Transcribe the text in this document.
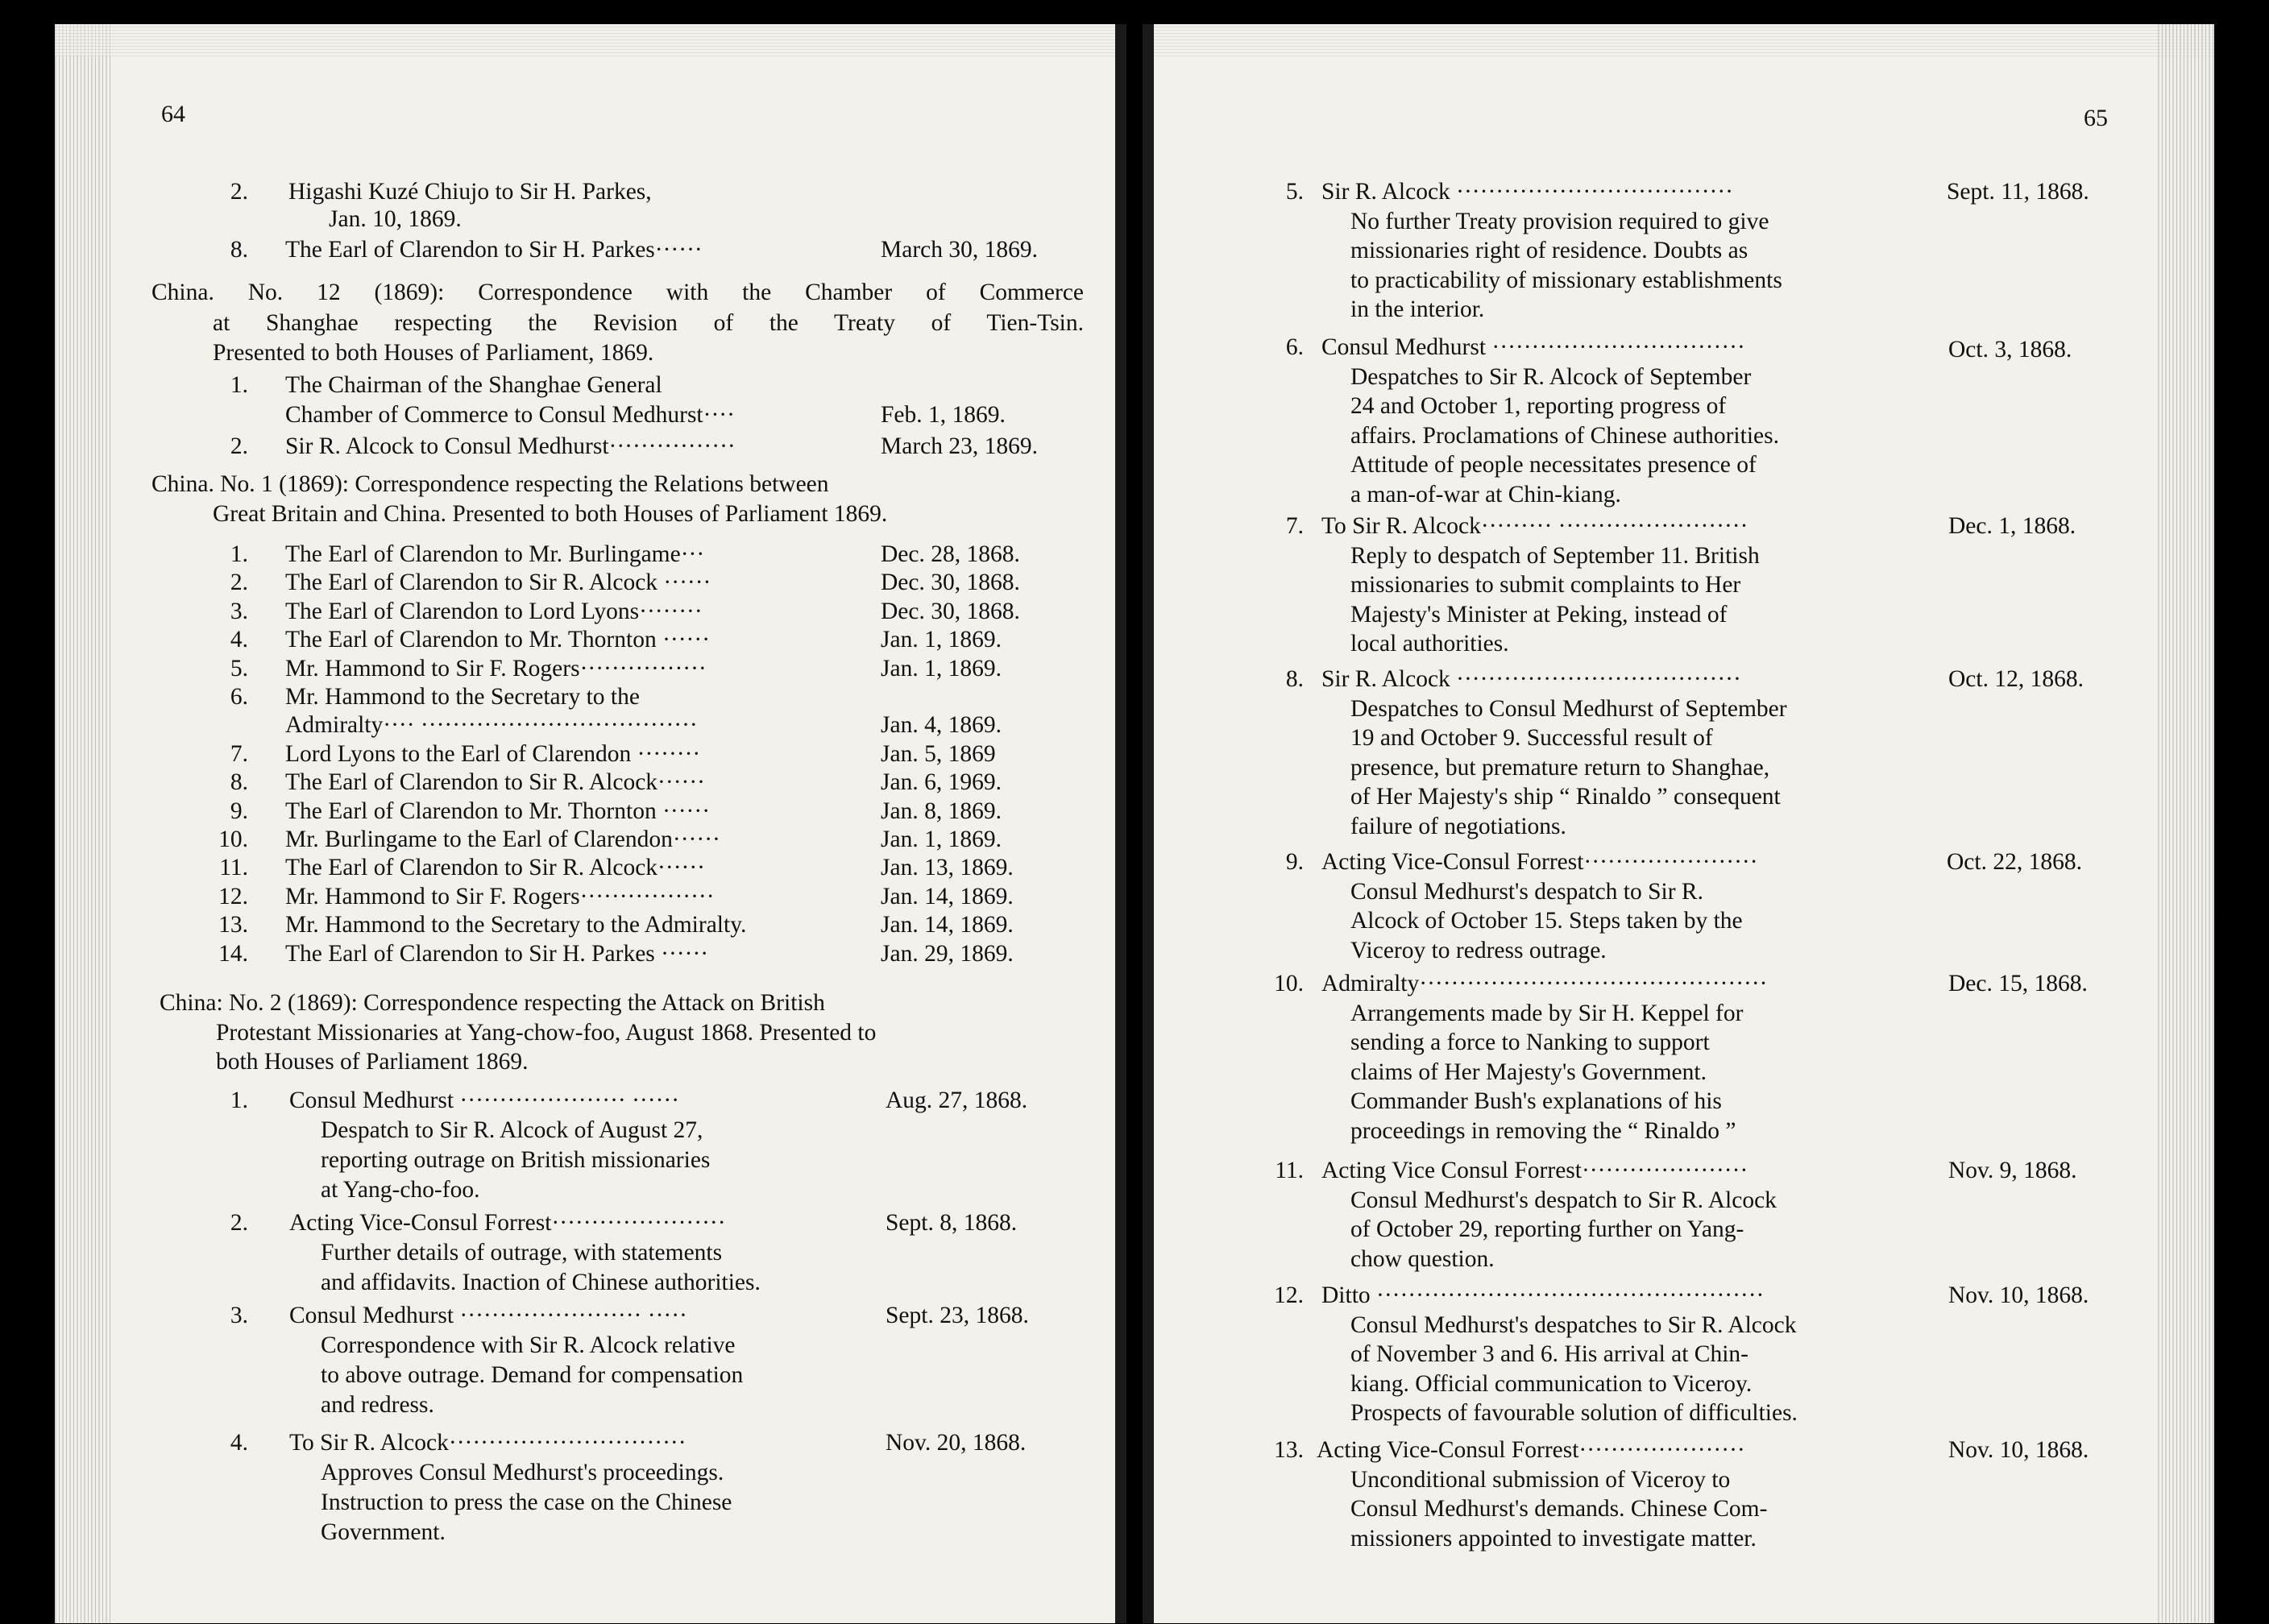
64
2. Higashi Kuzé Chiujo to Sir H. Parkes,
Jan. 10, 1869.
8. The Earl of Clarendon to Sir H. Parkes······	March 30, 1869.
China. No. 12 (1869): Correspondence with the Chamber of Commerce
at Shanghae respecting the Revision of the Treaty of Tien-Tsin.
Presented to both Houses of Parliament, 1869.
1. The Chairman of the Shanghae General
Chamber of Commerce to Consul Medhurst····	Feb. 1, 1869.
2. Sir R. Alcock to Consul Medhurst················	March 23, 1869.
China. No. 1 (1869): Correspondence respecting the Relations between
Great Britain and China. Presented to both Houses of Parliament 1869.
1. The Earl of Clarendon to Mr. Burlingame···	Dec. 28, 1868.
2. The Earl of Clarendon to Sir R. Alcock ······	Dec. 30, 1868.
3. The Earl of Clarendon to Lord Lyons········	Dec. 30, 1868.
4. The Earl of Clarendon to Mr. Thornton ······	Jan. 1, 1869.
5. Mr. Hammond to Sir F. Rogers················	Jan. 1, 1869.
6. Mr. Hammond to the Secretary to the
Admiralty···· ···································	Jan. 4, 1869.
7. Lord Lyons to the Earl of Clarendon ········	Jan. 5, 1869
8. The Earl of Clarendon to Sir R. Alcock······	Jan. 6, 1969.
9. The Earl of Clarendon to Mr. Thornton ······	Jan. 8, 1869.
10. Mr. Burlingame to the Earl of Clarendon······	Jan. 1, 1869.
11. The Earl of Clarendon to Sir R. Alcock······	Jan. 13, 1869.
12. Mr. Hammond to Sir F. Rogers·················	Jan. 14, 1869.
13. Mr. Hammond to the Secretary to the Admiralty.	Jan. 14, 1869.
14. The Earl of Clarendon to Sir H. Parkes ······	Jan. 29, 1869.
China: No. 2 (1869): Correspondence respecting the Attack on British
Protestant Missionaries at Yang-chow-foo, August 1868. Presented to
both Houses of Parliament 1869.
1. Consul Medhurst ····················· ······	Aug. 27, 1868.
Despatch to Sir R. Alcock of August 27,
reporting outrage on British missionaries
at Yang-cho-foo.
2. Acting Vice-Consul Forrest······················	Sept. 8, 1868.
Further details of outrage, with statements
and affidavits. Inaction of Chinese authorities.
3. Consul Medhurst ······················· ·····	Sept. 23, 1868.
Correspondence with Sir R. Alcock relative
to above outrage. Demand for compensation
and redress.
4. To Sir R. Alcock······························	Nov. 20, 1868.
Approves Consul Medhurst's proceedings.
Instruction to press the case on the Chinese
Government.
65
5. Sir R. Alcock ···································	Sept. 11, 1868.
No further Treaty provision required to give
missionaries right of residence. Doubts as
to practicability of missionary establishments
in the interior.
6. Consul Medhurst ································	Oct. 3, 1868.
Despatches to Sir R. Alcock of September
24 and October 1, reporting progress of
affairs. Proclamations of Chinese authorities.
Attitude of people necessitates presence of
a man-of-war at Chin-kiang.
7. To Sir R. Alcock········· ························	Dec. 1, 1868.
Reply to despatch of September 11. British
missionaries to submit complaints to Her
Majesty's Minister at Peking, instead of
local authorities.
8. Sir R. Alcock ····································	Oct. 12, 1868.
Despatches to Consul Medhurst of September
19 and October 9. Successful result of
presence, but premature return to Shanghae,
of Her Majesty's ship “ Rinaldo ” consequent
failure of negotiations.
9. Acting Vice-Consul Forrest······················	Oct. 22, 1868.
Consul Medhurst's despatch to Sir R.
Alcock of October 15. Steps taken by the
Viceroy to redress outrage.
10. Admiralty············································	Dec. 15, 1868.
Arrangements made by Sir H. Keppel for
sending a force to Nanking to support
claims of Her Majesty's Government.
Commander Bush's explanations of his
proceedings in removing the “ Rinaldo ”
11. Acting Vice Consul Forrest·····················	Nov. 9, 1868.
Consul Medhurst's despatch to Sir R. Alcock
of October 29, reporting further on Yang-
chow question.
12. Ditto ·················································	Nov. 10, 1868.
Consul Medhurst's despatches to Sir R. Alcock
of November 3 and 6. His arrival at Chin-
kiang. Official communication to Viceroy.
Prospects of favourable solution of difficulties.
13. Acting Vice-Consul Forrest·····················	Nov. 10, 1868.
Unconditional submission of Viceroy to
Consul Medhurst's demands. Chinese Com-
missioners appointed to investigate matter.
